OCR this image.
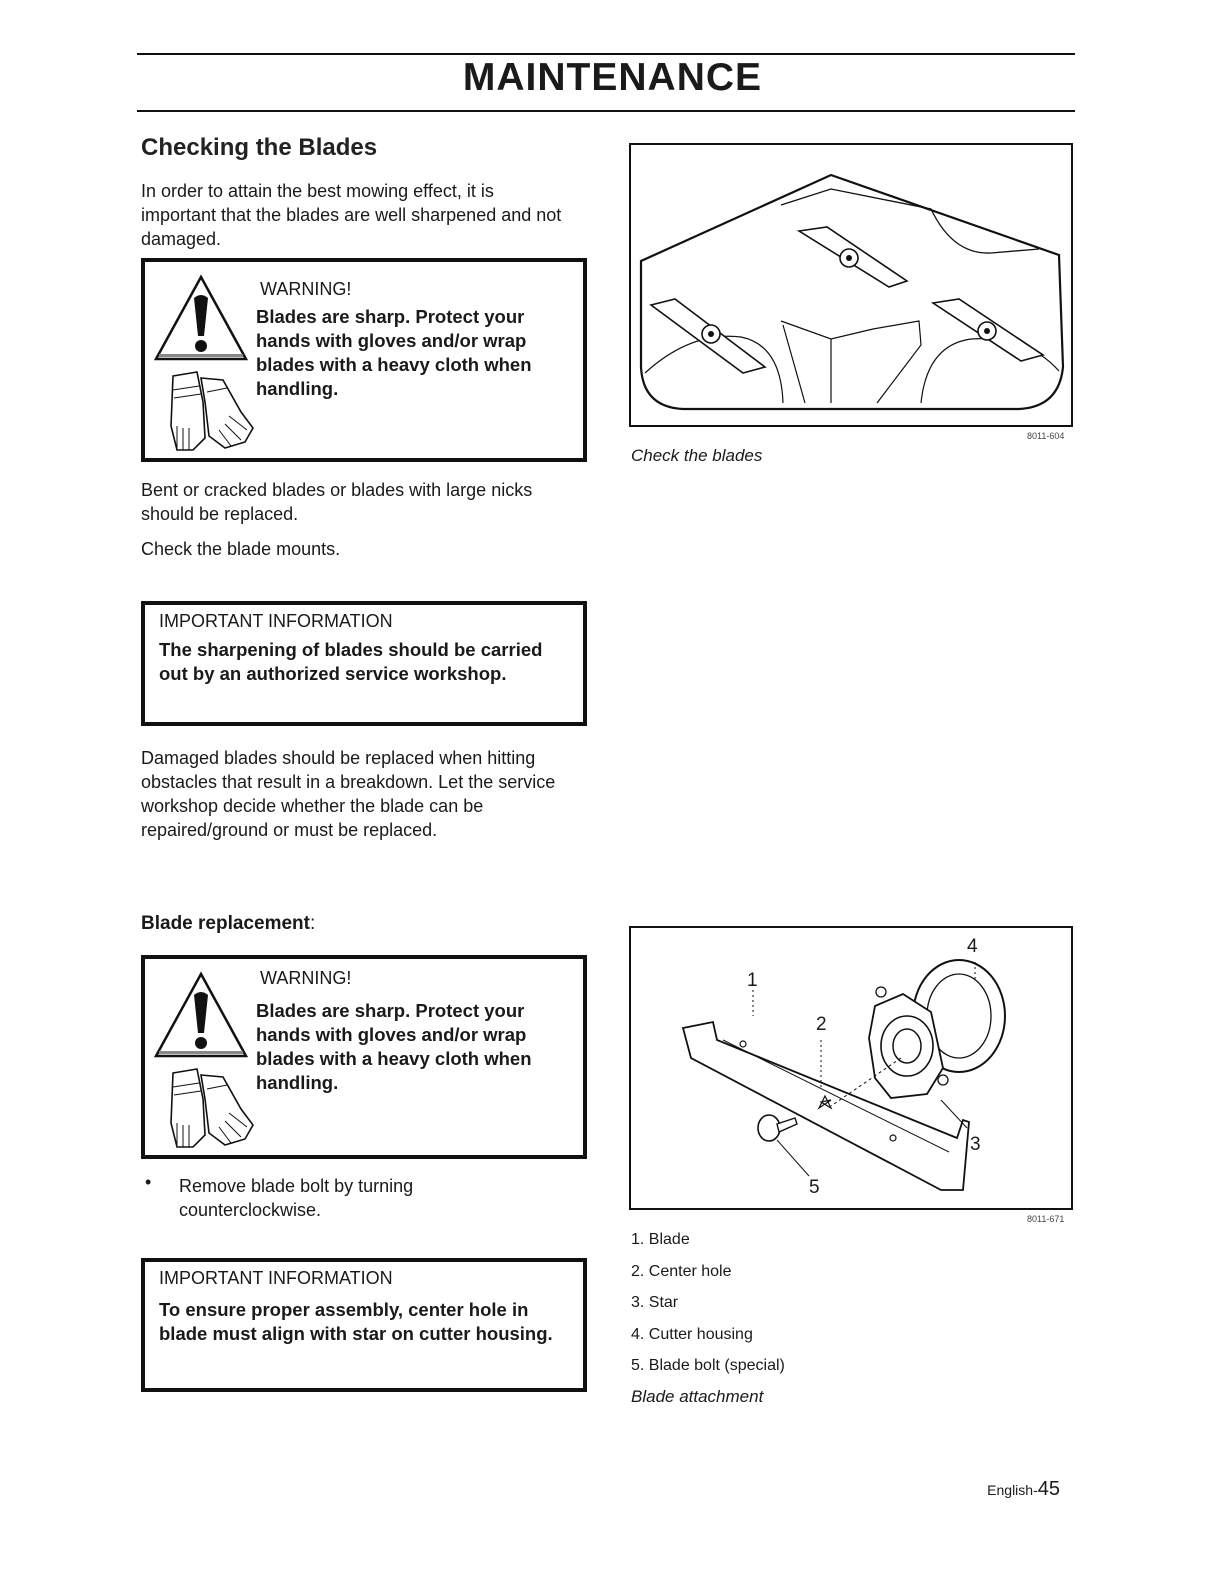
MAINTENANCE
Checking the Blades

In order to attain the best mowing effect, it is important that the blades are well sharpened and not damaged.

WARNING!

Blades are sharp. Protect your hands with gloves and/or wrap blades with a heavy cloth when handling.

Bent or cracked blades or blades with large nicks should be replaced.

Check the blade mounts.

IMPORTANT INFORMATION

The sharpening of blades should be carried out by an authorized service workshop.

Damaged blades should be replaced when hitting obstacles that result in a breakdown. Let the service workshop decide whether the blade can be repaired/ground or must be replaced.

8011-604
Check the blades
Blade replacement:
WARNING!

Blades are sharp. Protect your hands with gloves and/or wrap blades with a heavy cloth when handling.

• Remove blade bolt by turning counterclockwise.

IMPORTANT INFORMATION

To ensure proper assembly, center hole in blade must align with star on cutter housing.

1
2
3
4
5
8011-671
1. Blade
2. Center hole
3. Star
4. Cutter housing
5. Blade bolt (special)
Blade attachment
English-45
